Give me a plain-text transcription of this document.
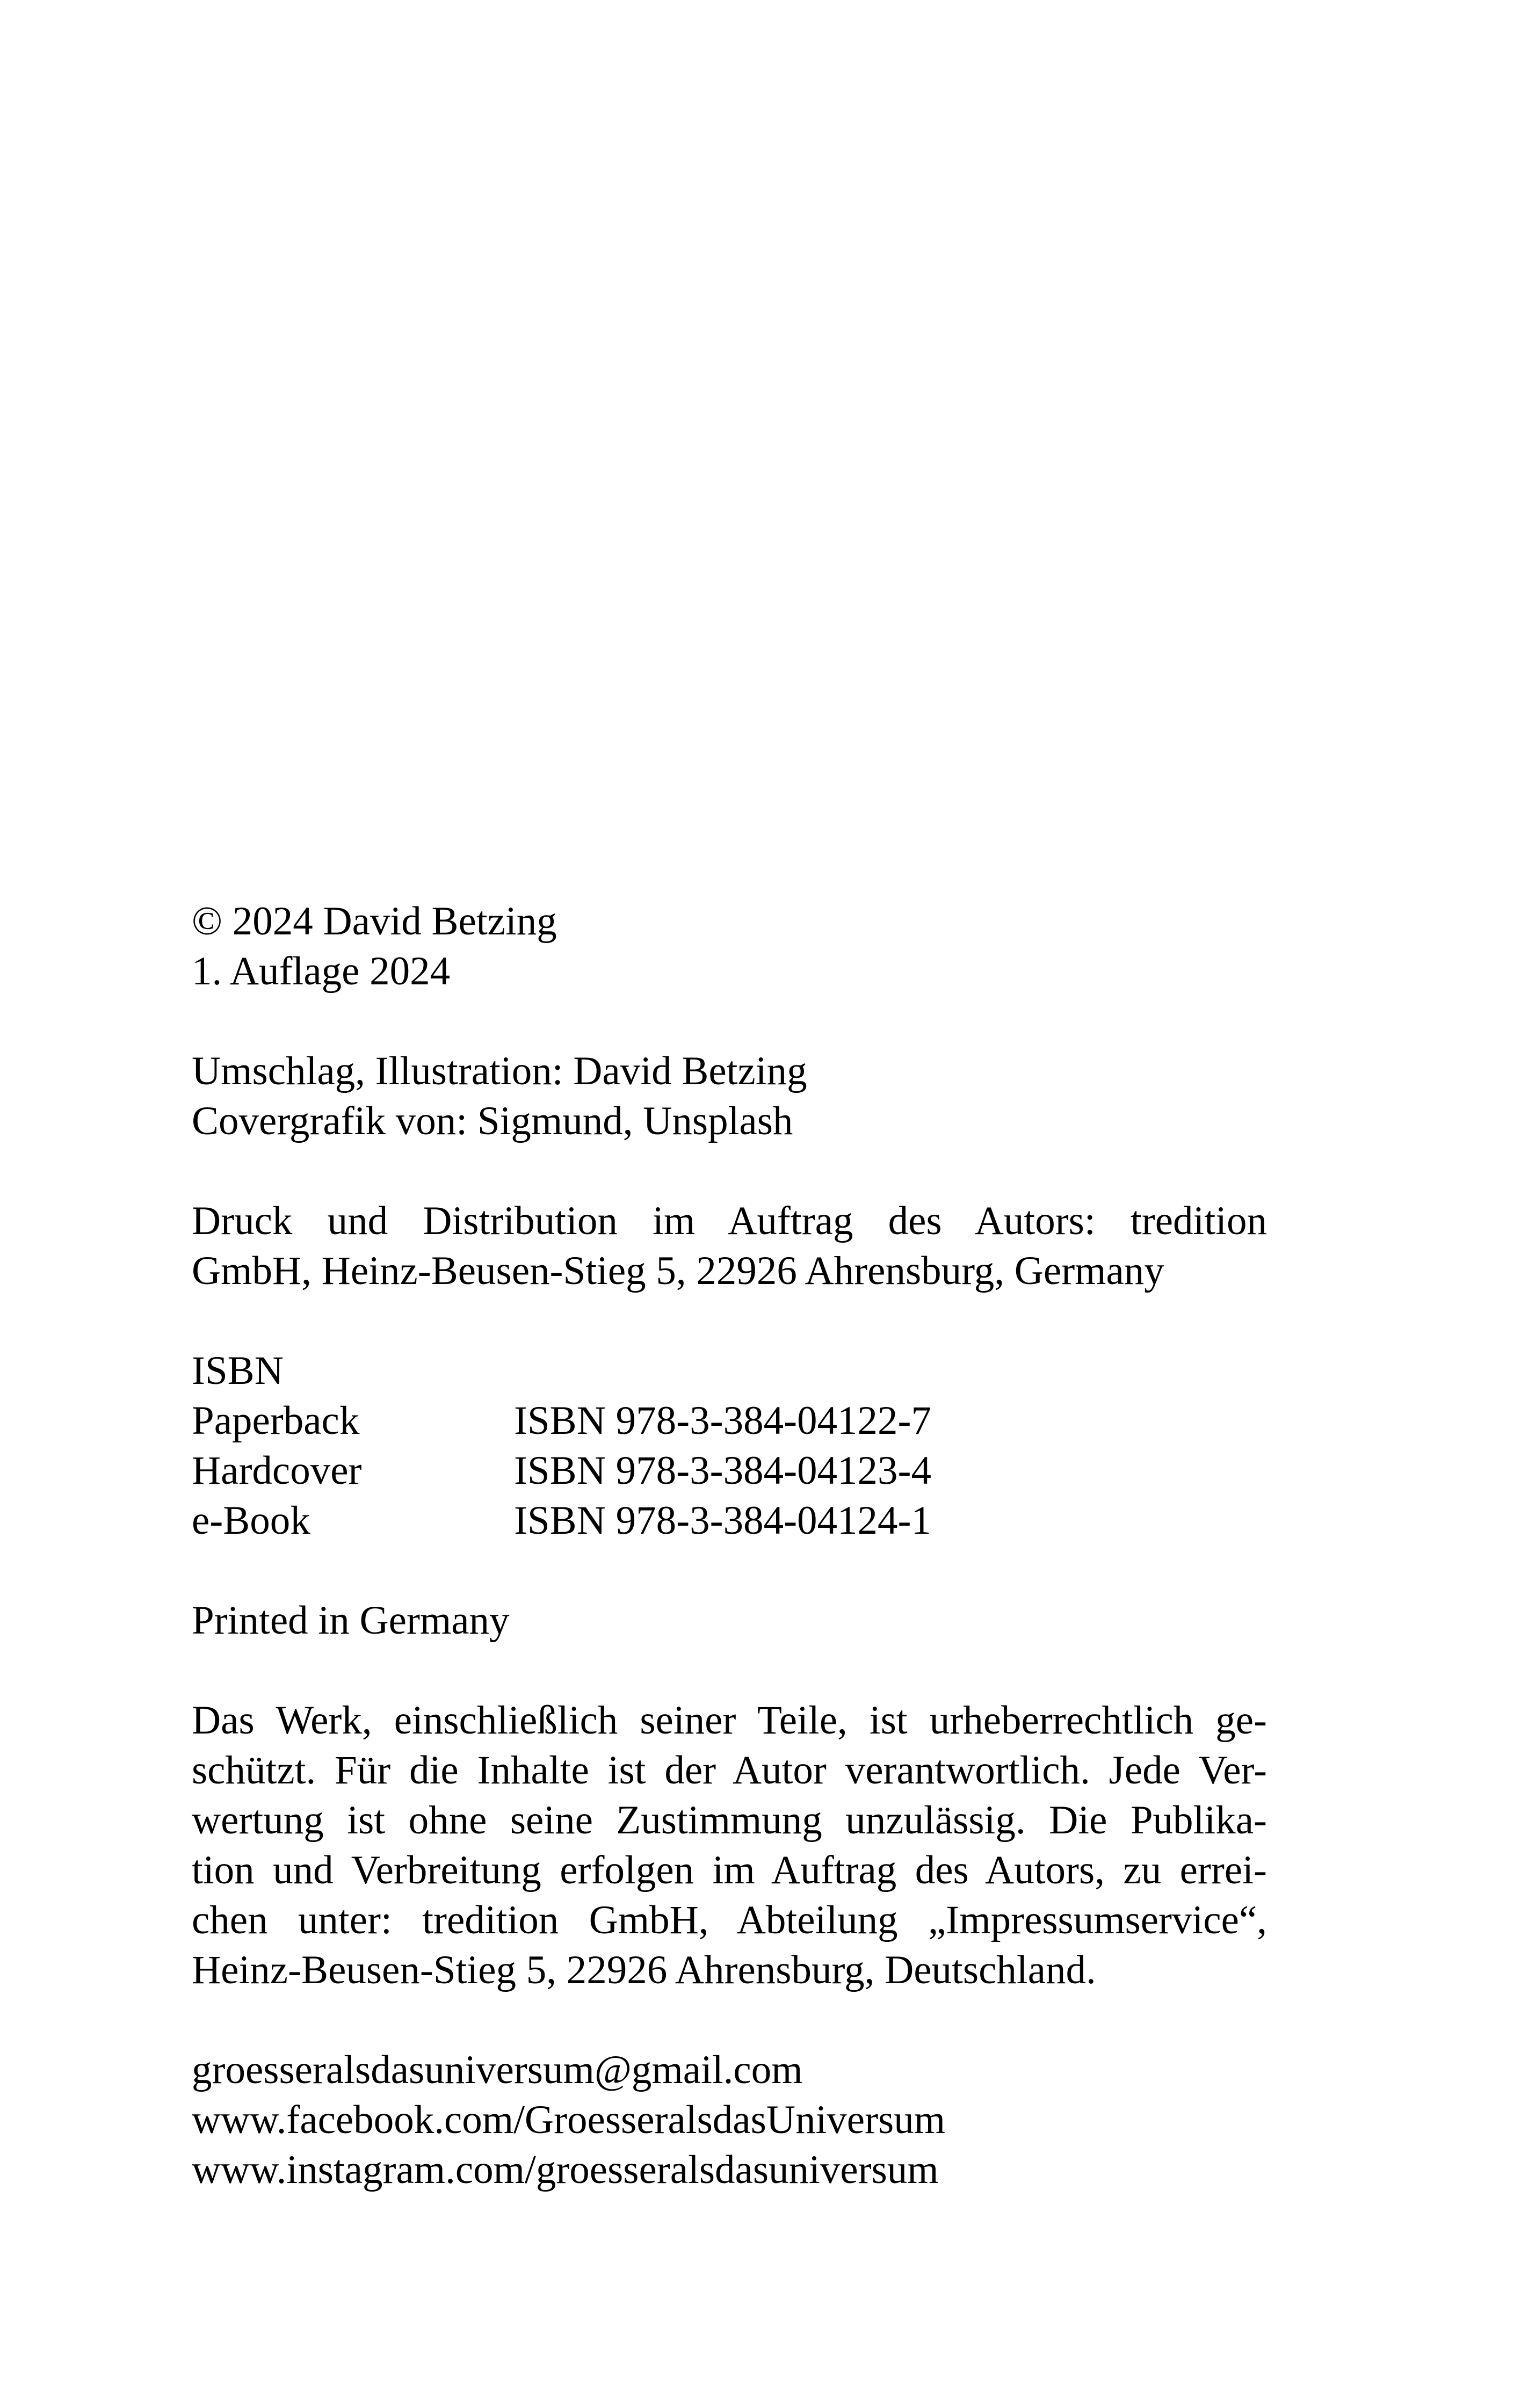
© 2024 David Betzing
1. Auflage 2024
Umschlag, Illustration: David Betzing
Covergrafik von: Sigmund, Unsplash
Druck und Distribution im Auftrag des Autors: tredition
GmbH, Heinz-Beusen-Stieg 5, 22926 Ahrensburg, Germany
ISBN
Paperback	ISBN 978-3-384-04122-7
Hardcover	ISBN 978-3-384-04123-4
e-Book	ISBN 978-3-384-04124-1
Printed in Germany
Das Werk, einschließlich seiner Teile, ist urheberrechtlich ge-
schützt. Für die Inhalte ist der Autor verantwortlich. Jede Ver-
wertung ist ohne seine Zustimmung unzulässig. Die Publika-
tion und Verbreitung erfolgen im Auftrag des Autors, zu errei-
chen unter: tredition GmbH, Abteilung „Impressumservice“,
Heinz-Beusen-Stieg 5, 22926 Ahrensburg, Deutschland.
groesseralsdasuniversum@gmail.com
www.facebook.com/GroesseralsdasUniversum
www.instagram.com/groesseralsdasuniversum
